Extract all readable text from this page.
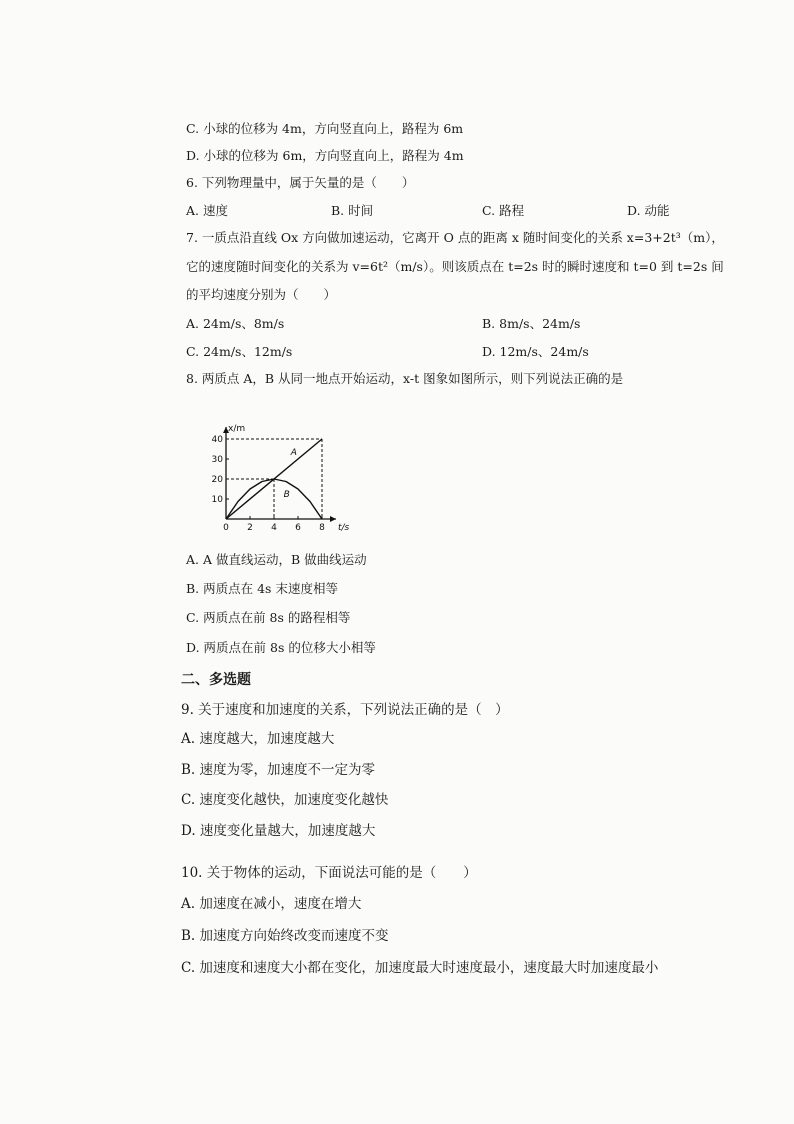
C. 小球的位移为 4m，方向竖直向上，路程为 6m
D. 小球的位移为 6m，方向竖直向上，路程为 4m
6. 下列物理量中，属于矢量的是（　　）
A. 速度	B. 时间	C. 路程	D. 动能
7. 一质点沿直线 Ox 方向做加速运动，它离开 O 点的距离 x 随时间变化的关系 x=3+2t³（m），
它的速度随时间变化的关系为 v=6t²（m/s）。则该质点在 t=2s 时的瞬时速度和 t=0 到 t=2s 间
的平均速度分别为（　　）
A. 24m/s、8m/s	B. 8m/s、24m/s
C. 24m/s、12m/s	D. 12m/s、24m/s
8. 两质点 A，B 从同一地点开始运动，x-t 图象如图所示，则下列说法正确的是
0 2 4 6 8
10
20
30
40
t/s
x/m
A
B
A. A 做直线运动，B 做曲线运动
B. 两质点在 4s 末速度相等
C. 两质点在前 8s 的路程相等
D. 两质点在前 8s 的位移大小相等
二、多选题
9. 关于速度和加速度的关系，下列说法正确的是（　）
A. 速度越大，加速度越大
B. 速度为零，加速度不一定为零
C. 速度变化越快，加速度变化越快
D. 速度变化量越大，加速度越大
10. 关于物体的运动，下面说法可能的是（　　）
A. 加速度在减小，速度在增大
B. 加速度方向始终改变而速度不变
C. 加速度和速度大小都在变化，加速度最大时速度最小，速度最大时加速度最小
